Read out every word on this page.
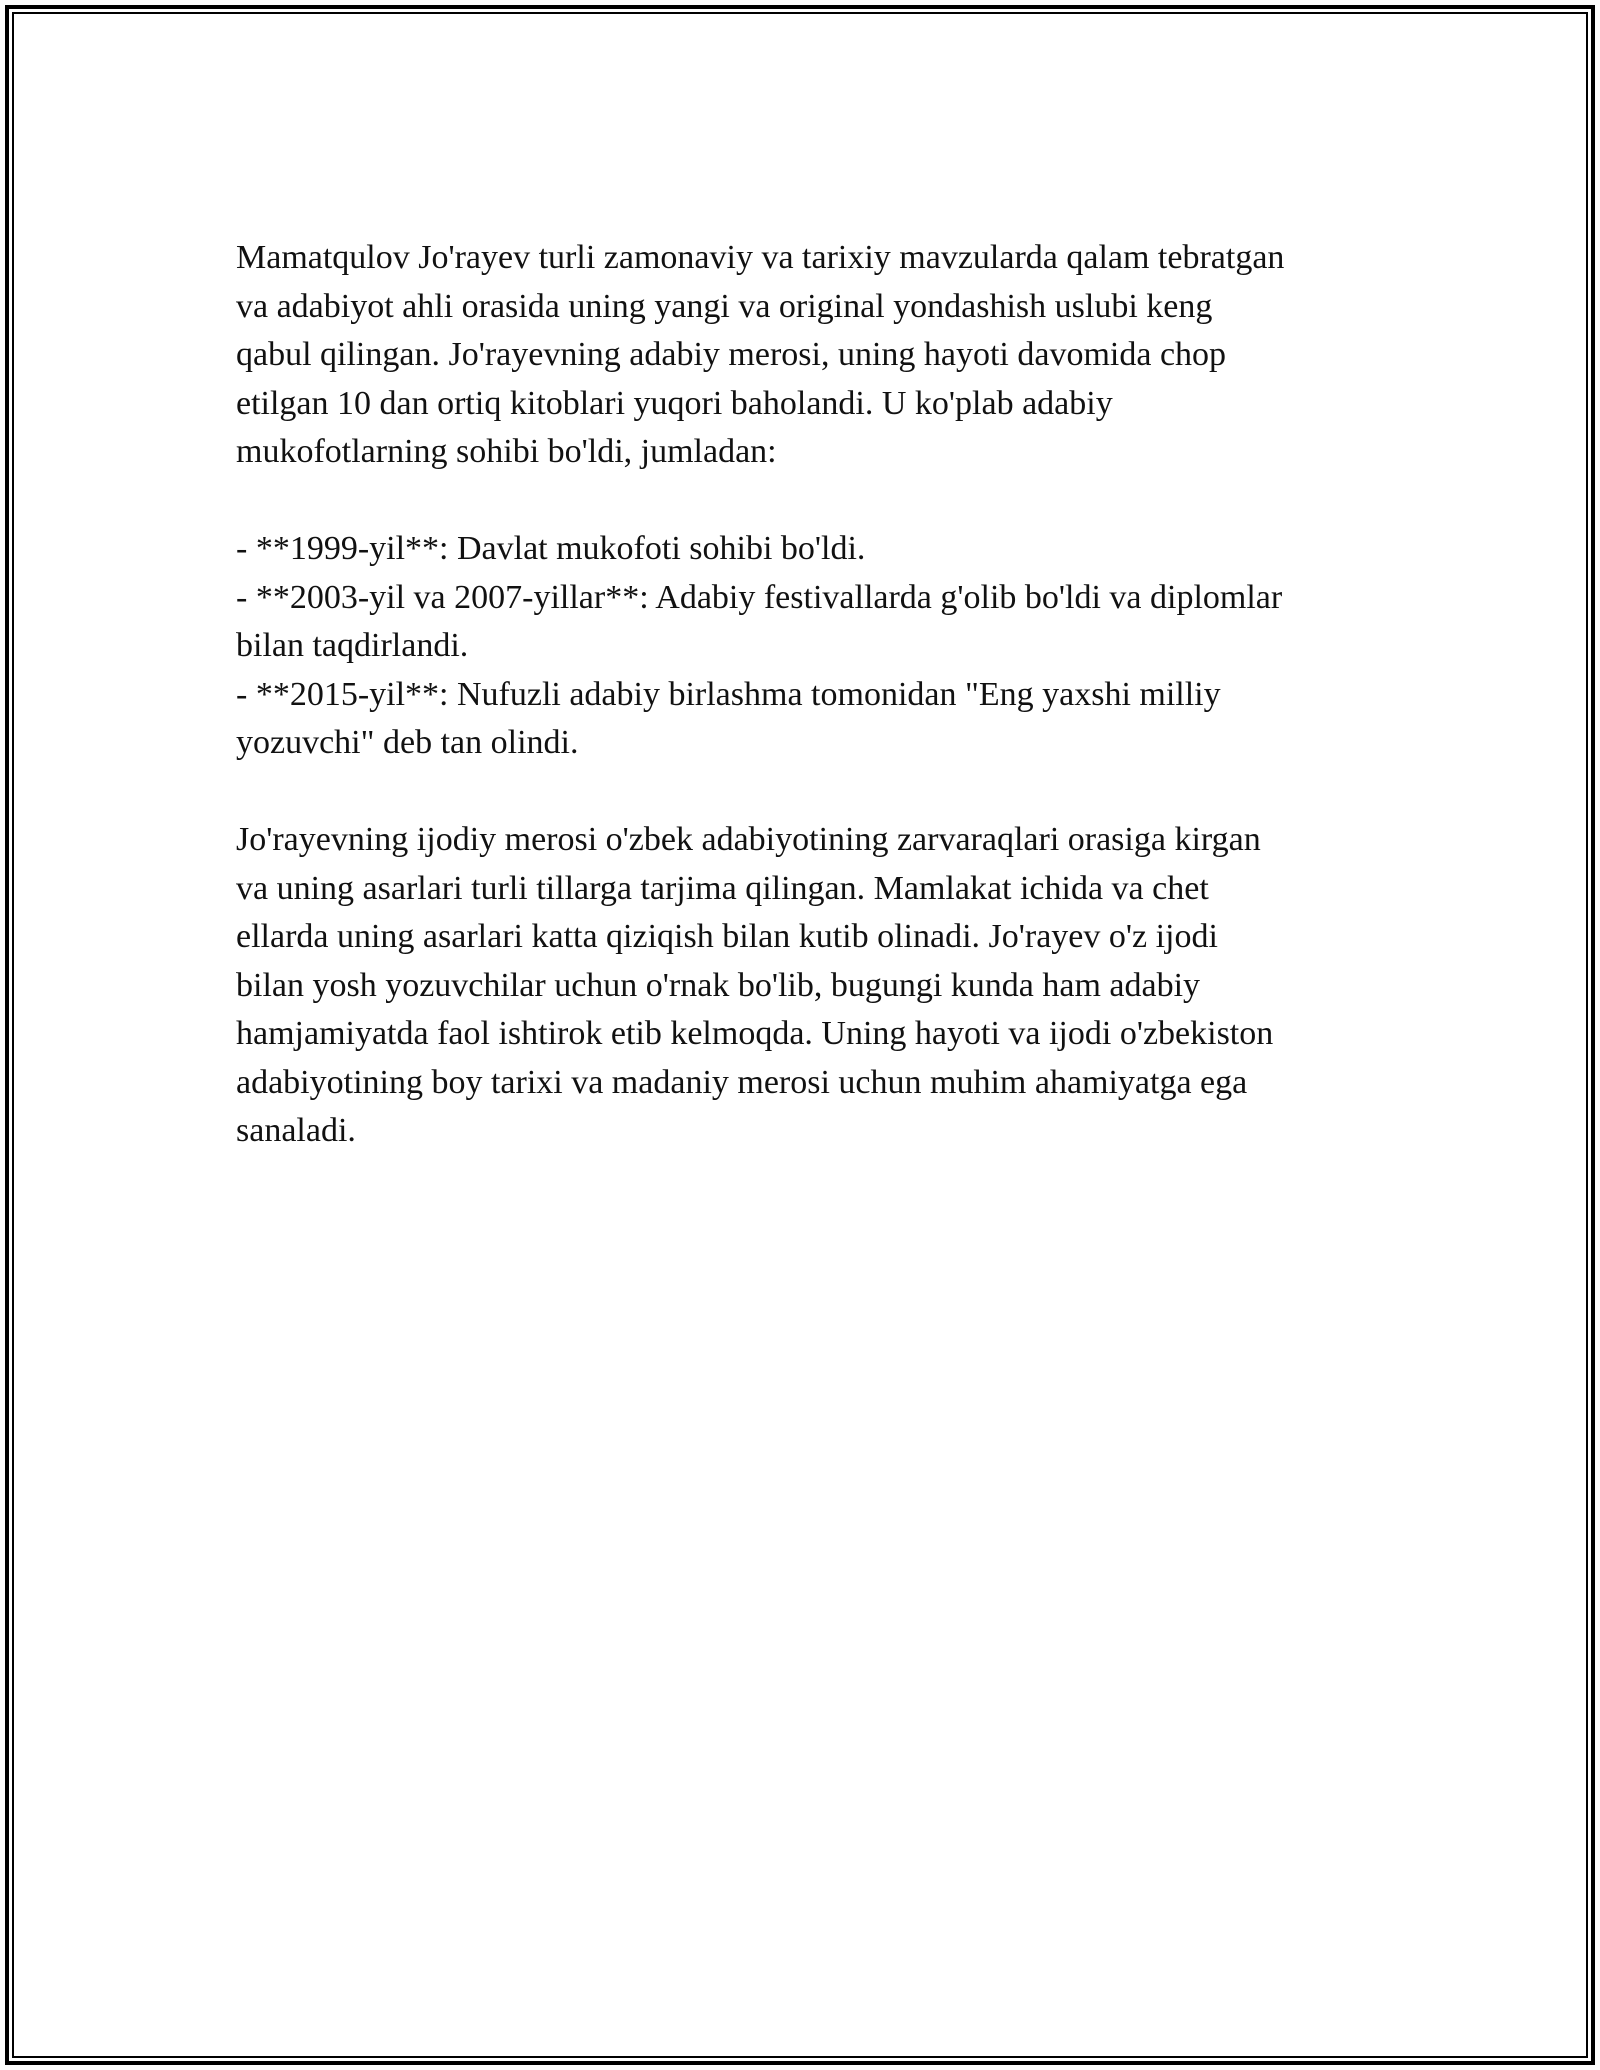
Mamatqulov Jo'rayev turli zamonaviy va tarixiy mavzularda qalam tebratgan

va adabiyot ahli orasida uning yangi va original yondashish uslubi keng

qabul qilingan. Jo'rayevning adabiy merosi, uning hayoti davomida chop

etilgan 10 dan ortiq kitoblari yuqori baholandi. U ko'plab adabiy

mukofotlarning sohibi bo'ldi, jumladan:

- **1999-yil**: Davlat mukofoti sohibi bo'ldi.

- **2003-yil va 2007-yillar**: Adabiy festivallarda g'olib bo'ldi va diplomlar

bilan taqdirlandi.

- **2015-yil**: Nufuzli adabiy birlashma tomonidan "Eng yaxshi milliy

yozuvchi" deb tan olindi.

Jo'rayevning ijodiy merosi o'zbek adabiyotining zarvaraqlari orasiga kirgan

va uning asarlari turli tillarga tarjima qilingan. Mamlakat ichida va chet

ellarda uning asarlari katta qiziqish bilan kutib olinadi. Jo'rayev o'z ijodi

bilan yosh yozuvchilar uchun o'rnak bo'lib, bugungi kunda ham adabiy

hamjamiyatda faol ishtirok etib kelmoqda. Uning hayoti va ijodi o'zbekiston

adabiyotining boy tarixi va madaniy merosi uchun muhim ahamiyatga ega

sanaladi.
